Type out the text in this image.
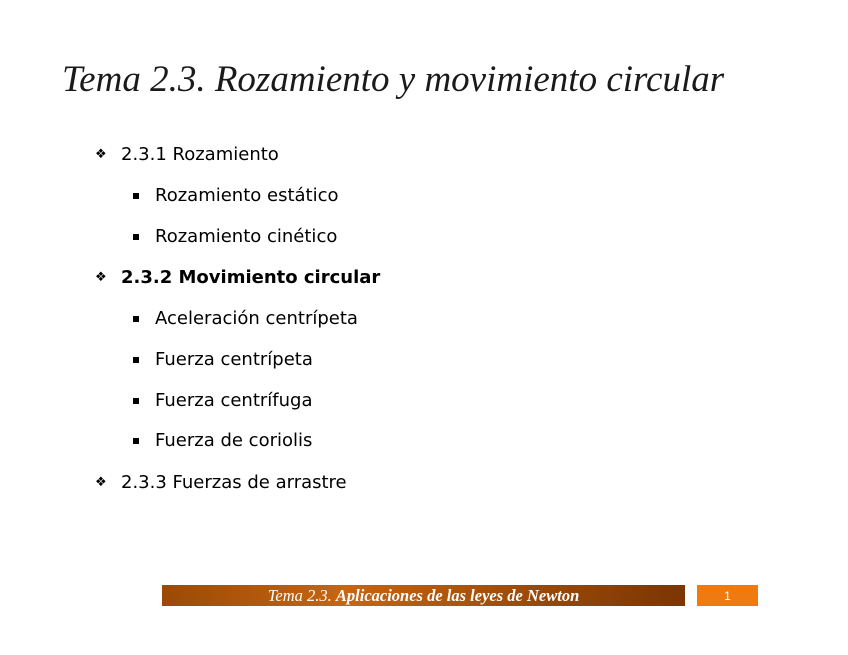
Tema 2.3. Rozamiento y movimiento circular
❖ 2.3.1 Rozamiento
Rozamiento estático
Rozamiento cinético
❖ 2.3.2 Movimiento circular
Aceleración centrípeta
Fuerza centrípeta
Fuerza centrífuga
Fuerza de coriolis
❖ 2.3.3 Fuerzas de arrastre
Tema 2.3. Aplicaciones de las leyes de Newton	1
